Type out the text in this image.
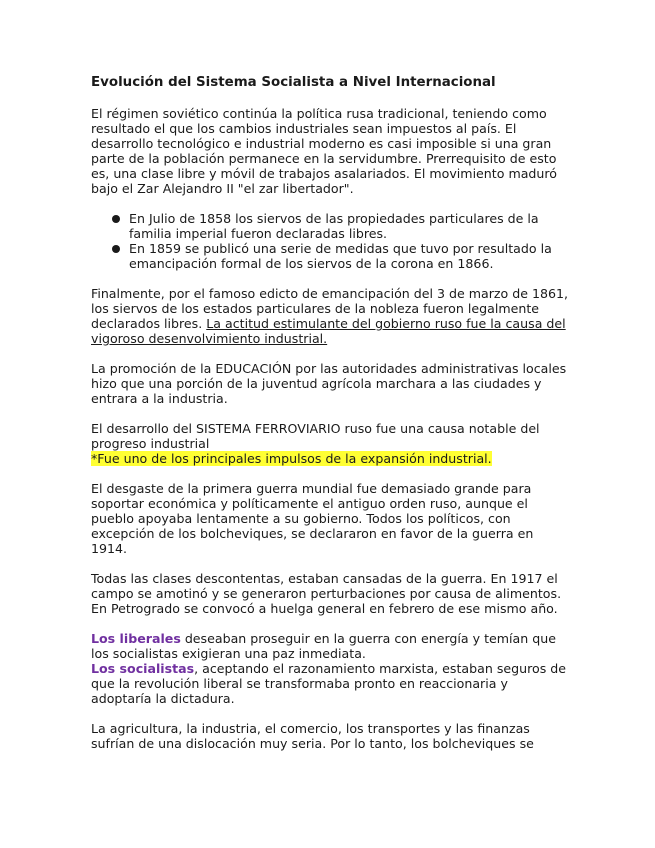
Evolución del Sistema Socialista a Nivel Internacional

El régimen soviético continúa la política rusa tradicional, teniendo como resultado el que los cambios industriales sean impuestos al país. El desarrollo tecnológico e industrial moderno es casi imposible si una gran parte de la población permanece en la servidumbre. Prerrequisito de esto es, una clase libre y móvil de trabajos asalariados. El movimiento maduró bajo el Zar Alejandro II "el zar libertador".

En Julio de 1858 los siervos de las propiedades particulares de la familia imperial fueron declaradas libres.
En 1859 se publicó una serie de medidas que tuvo por resultado la emancipación formal de los siervos de la corona en 1866.

Finalmente, por el famoso edicto de emancipación del 3 de marzo de 1861, los siervos de los estados particulares de la nobleza fueron legalmente declarados libres. La actitud estimulante del gobierno ruso fue la causa del vigoroso desenvolvimiento industrial.

La promoción de la EDUCACIÓN por las autoridades administrativas locales hizo que una porción de la juventud agrícola marchara a las ciudades y entrara a la industria.

El desarrollo del SISTEMA FERROVIARIO ruso fue una causa notable del progreso industrial
*Fue uno de los principales impulsos de la expansión industrial.

El desgaste de la primera guerra mundial fue demasiado grande para soportar económica y políticamente el antiguo orden ruso, aunque el pueblo apoyaba lentamente a su gobierno. Todos los políticos, con excepción de los bolcheviques, se declararon en favor de la guerra en 1914.

Todas las clases descontentas, estaban cansadas de la guerra. En 1917 el campo se amotinó y se generaron perturbaciones por causa de alimentos. En Petrogrado se convocó a huelga general en febrero de ese mismo año.

Los liberales deseaban proseguir en la guerra con energía y temían que los socialistas exigieran una paz inmediata.

Los socialistas, aceptando el razonamiento marxista, estaban seguros de que la revolución liberal se transformaba pronto en reaccionaria y adoptaría la dictadura.

La agricultura, la industria, el comercio, los transportes y las finanzas sufrían de una dislocación muy seria. Por lo tanto, los bolcheviques se
